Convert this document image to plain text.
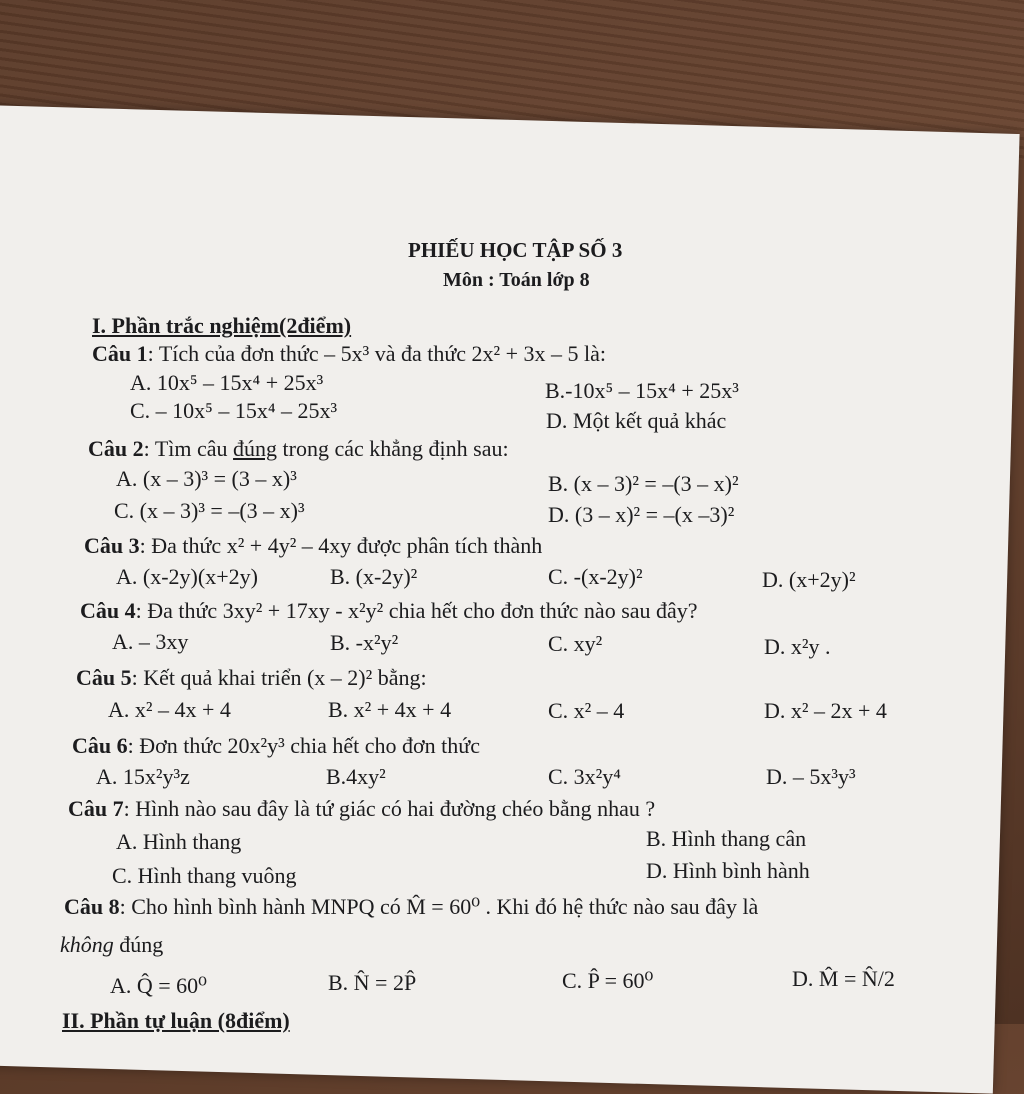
PHIẾU HỌC TẬP SỐ 3
Môn : Toán lớp 8
I. Phần trắc nghiệm(2điểm)
Câu 1: Tích của đơn thức – 5x³ và đa thức 2x² + 3x – 5 là:
A. 10x⁵ – 15x⁴ + 25x³	B.-10x⁵ – 15x⁴ + 25x³
C. – 10x⁵ – 15x⁴ – 25x³	D. Một kết quả khác
Câu 2: Tìm câu đúng trong các khẳng định sau:
A. (x – 3)³ = (3 – x)³	B. (x – 3)² = –(3 – x)²
C. (x – 3)³ = –(3 – x)³	D. (3 – x)² = –(x –3)²
Câu 3: Đa thức x² + 4y² – 4xy được phân tích thành
A. (x-2y)(x+2y)	B. (x-2y)²	C. -(x-2y)²	D. (x+2y)²
Câu 4: Đa thức 3xy² + 17xy - x²y² chia hết cho đơn thức nào sau đây?
A. – 3xy	B. -x²y²	C. xy²	D. x²y .
Câu 5: Kết quả khai triển (x – 2)² bằng:
A. x² – 4x + 4	B. x² + 4x + 4	C. x² – 4	D. x² – 2x + 4
Câu 6: Đơn thức 20x²y³ chia hết cho đơn thức
A. 15x²y³z	B.4xy²	C. 3x²y⁴	D. – 5x³y³
Câu 7: Hình nào sau đây là tứ giác có hai đường chéo bằng nhau ?
A. Hình thang	B. Hình thang cân
C. Hình thang vuông	D. Hình bình hành
Câu 8: Cho hình bình hành MNPQ có M̂ = 60⁰ . Khi đó hệ thức nào sau đây là
không đúng
A. Q̂ = 60⁰	B. N̂ = 2P̂	C. P̂ = 60⁰	D. M̂ = N̂/2
II. Phần tự luận (8điểm)
